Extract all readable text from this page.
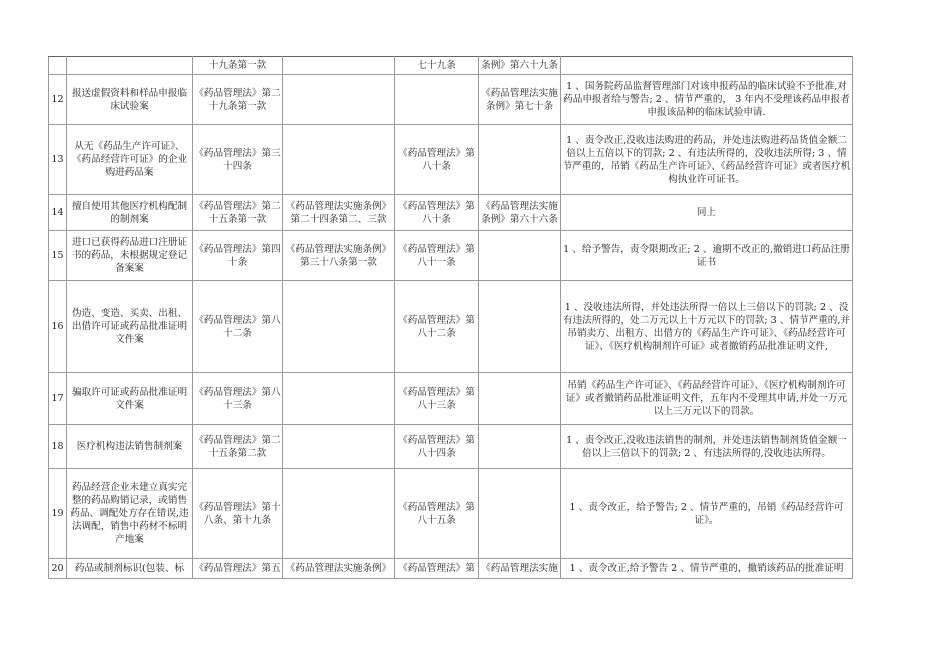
		十九条第一款		七十九条	条例》第六十九条	

12	报送虚假资料和样品申报临床试验案	《药品管理法》第二十九条第一款			《药品管理法实施条例》第七十条	1 、国务院药品监督管理部门对该申报药品的临床试验不予批准,对药品申报者给与警告; 2 、情节严重的， 3 年内不受理该药品申报者申报该品种的临床试验申请.

13	从无《药品生产许可证》、《药品经营许可证》的企业购进药品案	《药品管理法》第三十四条		《药品管理法》第八十条		1 、责令改正,没收违法购进的药品，并处违法购进药品货值金额二倍以上五倍以下的罚款; 2 、有违法所得的，没收违法所得; 3 、情节严重的，吊销《药品生产许可证》、《药品经营许可证》或者医疗机构执业许可证书。

14	擅自使用其他医疗机构配制的制剂案	《药品管理法》第二十五条第一款	《药品管理法实施条例》第二十四条第二、三款	《药品管理法》第八十条	《药品管理法实施条例》第六十六条	同上

15	进口已获得药品进口注册证书的药品，未根据规定登记备案案	《药品管理法》第四十条	《药品管理法实施条例》第三十八条第一款	《药品管理法》第八十一条		1 、给予警告，责令限期改正; 2 、逾期不改正的,撤销进口药品注册证书

16	伪造、变造、买卖、出租、出借许可证或药品批准证明文件案	《药品管理法》第八十二条		《药品管理法》第八十二条		1 、没收违法所得，并处违法所得一倍以上三倍以下的罚款; 2 、没有违法所得的，处二万元以上十万元以下的罚款; 3 、情节严重的,并吊销卖方、出租方、出借方的《药品生产许可证》、《药品经营许可证》、《医疗机构制剂许可证》或者撤销药品批准证明文件,

17	骗取许可证或药品批准证明文件案	《药品管理法》第八十三条		《药品管理法》第八十三条		吊销《药品生产许可证》、《药品经营许可证》、《医疗机构制剂许可证》或者撤销药品批准证明文件，五年内不受理其申请,并处一万元以上三万元以下的罚款。

18	医疗机构违法销售制剂案	《药品管理法》第二十五条第二款		《药品管理法》第八十四条		1 、责令改正,没收违法销售的制剂，并处违法销售制剂货值金额一倍以上三倍以下的罚款; 2 、有违法所得的,没收违法所得。

19	药品经营企业未建立真实完整的药品购销记录，或销售药品、调配处方存在错误,违法调配，销售中药材不标明产地案	《药品管理法》第十八条、第十九条		《药品管理法》第八十五条		1 、责令改正，给予警告; 2 、情节严重的，吊销《药品经营许可证》。

20	药品或制剂标识(包装、标	《药品管理法》第五	《药品管理法实施条例》	《药品管理法》第	《药品管理法实施	1 、责令改正,给予警告 2 、情节严重的，撤销该药品的批准证明
